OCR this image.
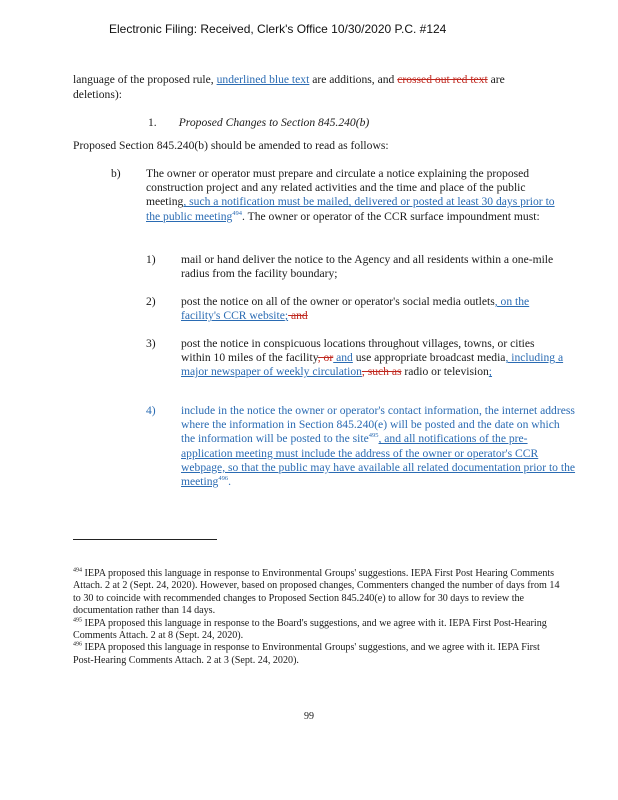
Electronic Filing: Received, Clerk's Office 10/30/2020 P.C. #124
language of the proposed rule, underlined blue text are additions, and crossed out red text are deletions):
1. Proposed Changes to Section 845.240(b)
Proposed Section 845.240(b) should be amended to read as follows:
b) The owner or operator must prepare and circulate a notice explaining the proposed construction project and any related activities and the time and place of the public meeting, such a notification must be mailed, delivered or posted at least 30 days prior to the public meeting$^{494}$. The owner or operator of the CCR surface impoundment must:
1) mail or hand deliver the notice to the Agency and all residents within a one-mile radius from the facility boundary;
2) post the notice on all of the owner or operator's social media outlets, on the facility's CCR website; and
3) post the notice in conspicuous locations throughout villages, towns, or cities within 10 miles of the facility, or and use appropriate broadcast media, including a major newspaper of weekly circulation, such as radio or television;
4) include in the notice the owner or operator's contact information, the internet address where the information in Section 845.240(e) will be posted and the date on which the information will be posted to the site$^{495}$, and all notifications of the pre-application meeting must include the address of the owner or operator's CCR webpage, so that the public may have available all related documentation prior to the meeting$^{496}$.

$^{494}$ IEPA proposed this language in response to Environmental Groups' suggestions. IEPA First Post Hearing Comments Attach. 2 at 2 (Sept. 24, 2020). However, based on proposed changes, Commenters changed the number of days from 14 to 30 to coincide with recommended changes to Proposed Section 845.240(e) to allow for 30 days to review the documentation rather than 14 days.

$^{495}$ IEPA proposed this language in response to the Board's suggestions, and we agree with it. IEPA First Post-Hearing Comments Attach. 2 at 8 (Sept. 24, 2020).

$^{496}$ IEPA proposed this language in response to Environmental Groups' suggestions, and we agree with it. IEPA First Post-Hearing Comments Attach. 2 at 3 (Sept. 24, 2020).

99
